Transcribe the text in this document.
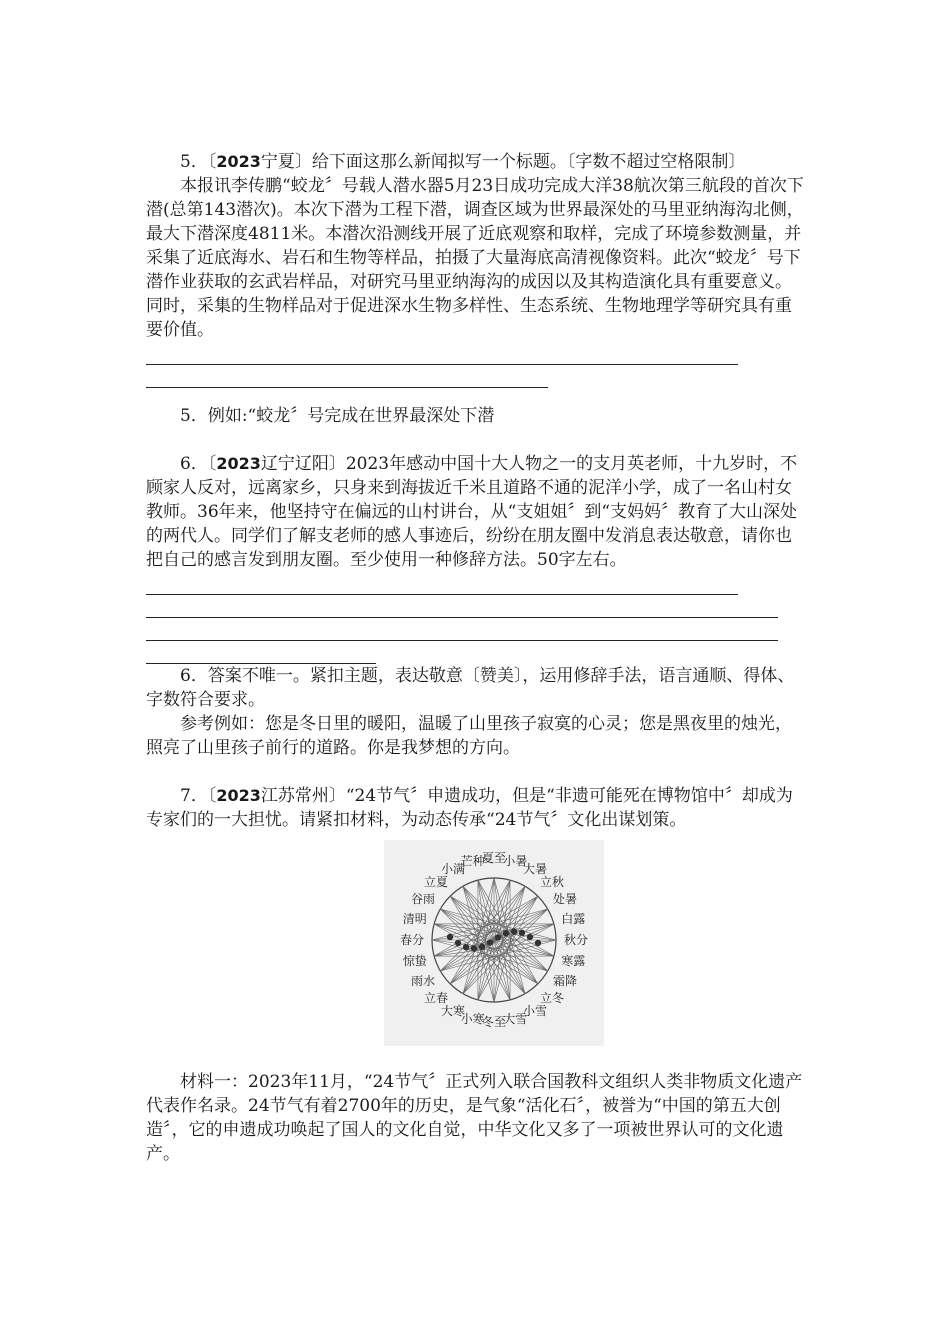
5．〔2023宁夏〕给下面这那么新闻拟写一个标题。〔字数不超过空格限制〕

本报讯李传鹏“蛟龙〞号载人潜水器5月23日成功完成大洋38航次第三航段的首次下潜(总第143潜次)。本次下潜为工程下潜，调查区域为世界最深处的马里亚纳海沟北侧，最大下潜深度4811米。本潜次沿测线开展了近底观察和取样，完成了环境参数测量，并采集了近底海水、岩石和生物等样品，拍摄了大量海底高清视像资料。此次“蛟龙〞号下潜作业获取的玄武岩样品，对研究马里亚纳海沟的成因以及其构造演化具有重要意义。同时，采集的生物样品对于促进深水生物多样性、生态系统、生物地理学等研究具有重要价值。

5．例如:“蛟龙〞号完成在世界最深处下潜

6．〔2023辽宁辽阳〕2023年感动中国十大人物之一的支月英老师，十九岁时，不顾家人反对，远离家乡，只身来到海拔近千米且道路不通的泥洋小学，成了一名山村女教师。36年来，他坚持守在偏远的山村讲台，从“支姐姐〞到“支妈妈〞教育了大山深处的两代人。同学们了解支老师的感人事迹后，纷纷在朋友圈中发消息表达敬意，请你也把自己的感言发到朋友圈。至少使用一种修辞方法。50字左右。

6．答案不唯一。紧扣主题，表达敬意〔赞美〕，运用修辞手法，语言通顺、得体、字数符合要求。

参考例如：您是冬日里的暖阳，温暖了山里孩子寂寞的心灵；您是黑夜里的烛光，照亮了山里孩子前行的道路。你是我梦想的方向。

7．〔2023江苏常州〕“24节气〞申遗成功，但是“非遗可能死在博物馆中〞却成为专家们的一大担忧。请紧扣材料，为动态传承“24节气〞文化出谋划策。

夏至
小暑
大暑
立秋
处暑
白露
秋分
寒露
霜降
立冬
小雪
大雪
冬至
小寒
大寒
立春
雨水
惊蛰
春分
清明
谷雨
立夏
小满
芒种

材料一：2023年11月，“24节气〞正式列入联合国教科文组织人类非物质文化遗产代表作名录。24节气有着2700年的历史，是气象“活化石〞，被誉为“中国的第五大创造〞，它的申遗成功唤起了国人的文化自觉，中华文化又多了一项被世界认可的文化遗产。
